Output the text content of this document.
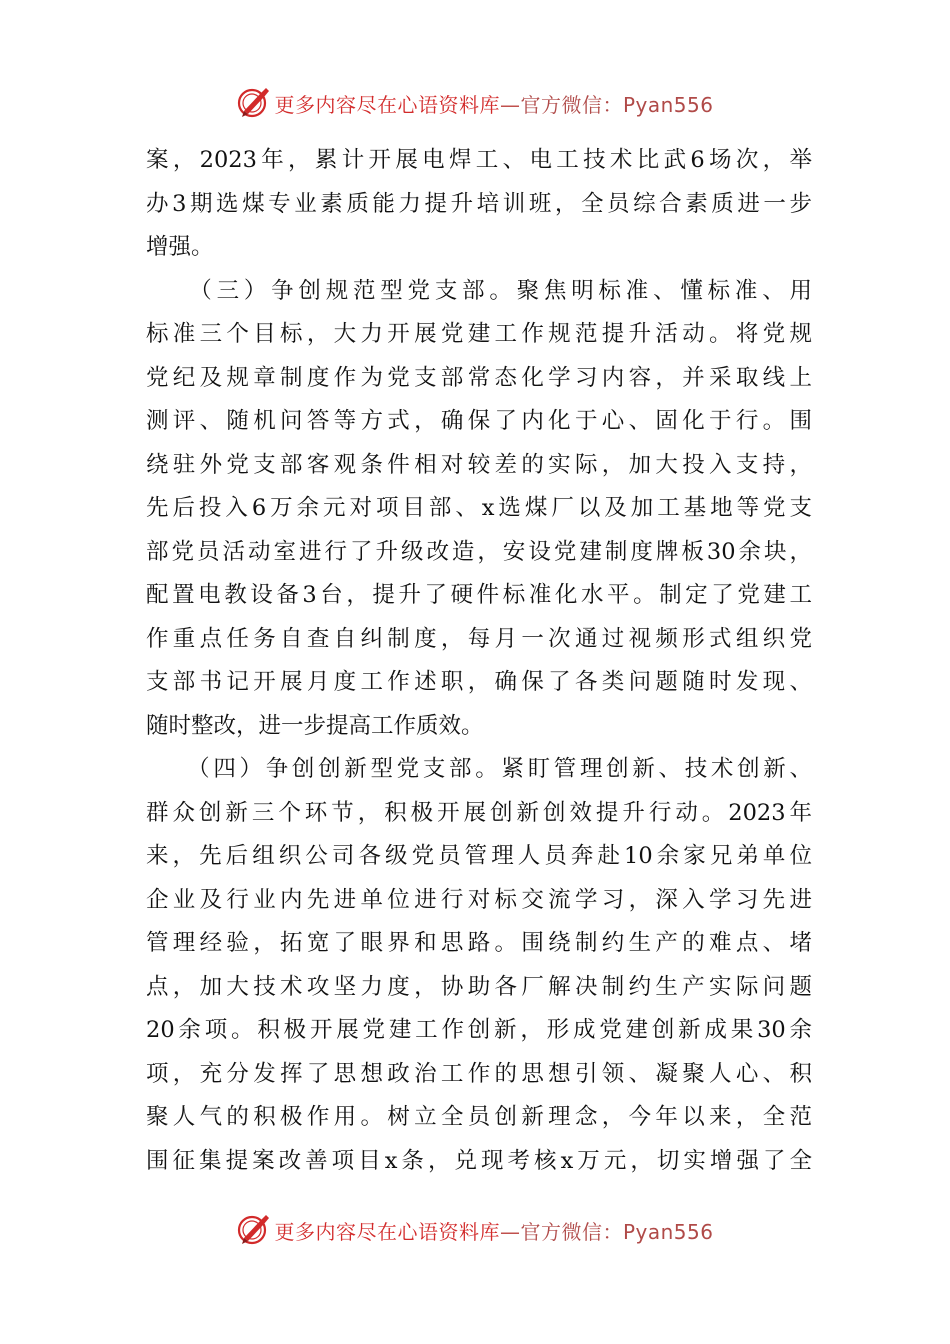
更多内容尽在心语资料库—官方微信：Pyan556
案，2023年，累计开展电焊工、电工技术比武6场次，举
办3期选煤专业素质能力提升培训班，全员综合素质进一步
增强。
　　（三）争创规范型党支部。聚焦明标准、懂标准、用
标准三个目标，大力开展党建工作规范提升活动。将党规
党纪及规章制度作为党支部常态化学习内容，并采取线上
测评、随机问答等方式，确保了内化于心、固化于行。围
绕驻外党支部客观条件相对较差的实际，加大投入支持，
先后投入6万余元对项目部、x选煤厂以及加工基地等党支
部党员活动室进行了升级改造，安设党建制度牌板30余块，
配置电教设备3台，提升了硬件标准化水平。制定了党建工
作重点任务自查自纠制度，每月一次通过视频形式组织党
支部书记开展月度工作述职，确保了各类问题随时发现、
随时整改，进一步提高工作质效。
　　（四）争创创新型党支部。紧盯管理创新、技术创新、
群众创新三个环节，积极开展创新创效提升行动。2023年
来，先后组织公司各级党员管理人员奔赴10余家兄弟单位
企业及行业内先进单位进行对标交流学习，深入学习先进
管理经验，拓宽了眼界和思路。围绕制约生产的难点、堵
点，加大技术攻坚力度，协助各厂解决制约生产实际问题
20余项。积极开展党建工作创新，形成党建创新成果30余
项，充分发挥了思想政治工作的思想引领、凝聚人心、积
聚人气的积极作用。树立全员创新理念，今年以来，全范
围征集提案改善项目x条，兑现考核x万元，切实增强了全
更多内容尽在心语资料库—官方微信：Pyan556
